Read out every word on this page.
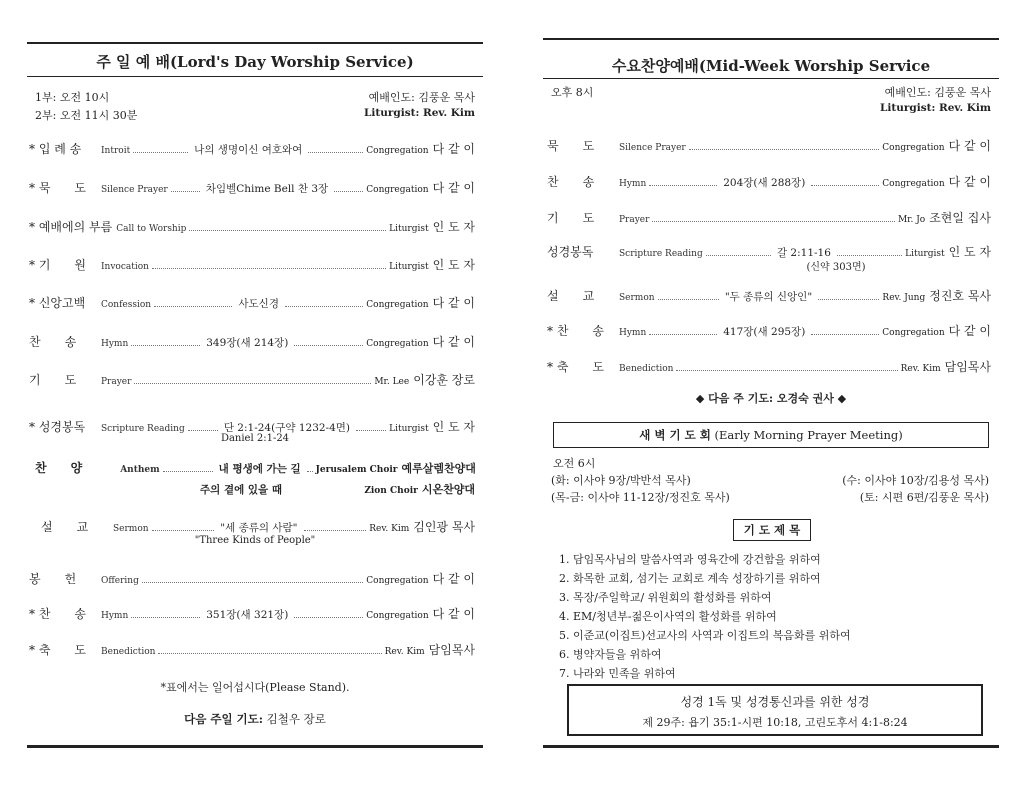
주 일 예 배(Lord's Day Worship Service)
1부: 오전 10시
2부: 오전 11시 30분
예배인도: 김풍운 목사
Liturgist: Rev. Kim
* 입 례 송	Introit	나의 생명이신 여호와여	Congregation 다 같 이
* 묵　　도	Silence Prayer	차임벨Chime Bell 찬 3장	Congregation 다 같 이
* 예배에의 부름 Call to Worship	Liturgist 인 도 자
* 기　　원	Invocation	Liturgist 인 도 자
* 신앙고백	Confession	사도신경	Congregation 다 같 이
찬　　송	Hymn	349장(새 214장)	Congregation 다 같 이
기　　도	Prayer	Mr. Lee 이강훈 장로
* 성경봉독	Scripture Reading	단 2:1-24(구약 1232-4면)	Liturgist 인 도 자
Daniel 2:1-24
찬　　양	Anthem	내 평생에 가는 길 Jerusalem Choir 예루살렘찬양대
주의 곁에 있을 때	Zion Choir 시온찬양대
설　　교	Sermon	"세 종류의 사람"	Rev. Kim 김인광 목사
"Three Kinds of People"
봉　　헌	Offering	Congregation 다 같 이
* 찬　　송	Hymn	351장(새 321장)	Congregation 다 같 이
* 축　　도	Benediction	Rev. Kim 담임목사
*표에서는 일어섭시다(Please Stand).
다음 주일 기도: 김철우 장로
수요찬양예배(Mid-Week Worship Service
오후 8시	예배인도: 김풍운 목사
Liturgist: Rev. Kim
묵　　도	Silence Prayer	Congregation 다 같 이
찬　　송	Hymn	204장(새 288장)	Congregation 다 같 이
기　　도	Prayer	Mr. Jo 조현일 집사
성경봉독	Scripture Reading	갈 2:11-16	Liturgist 인 도 자
(신약 303면)
설　　교	Sermon	"두 종류의 신앙인"	Rev. Jung 정진호 목사
* 찬　　송	Hymn	417장(새 295장)	Congregation 다 같 이
* 축　　도	Benediction	Rev. Kim 담임목사
◆ 다음 주 기도: 오경숙 권사 ◆
새 벽 기 도 회 (Early Morning Prayer Meeting)
오전 6시
(화: 이사야 9장/박반석 목사)	(수: 이사야 10장/김용성 목사)
(목-금: 이사야 11-12장/정진호 목사)	(토: 시편 6편/김풍운 목사)
기 도 제 목
1. 담임목사님의 말씀사역과 영육간에 강건함을 위하여
2. 화목한 교회, 섬기는 교회로 계속 성장하기를 위하여
3. 목장/주일학교/ 위원회의 활성화를 위하여
4. EM/청년부-젊은이사역의 활성화를 위하여
5. 이준교(이집트)선교사의 사역과 이집트의 복음화를 위하여
6. 병약자들을 위하여
7. 나라와 민족을 위하여
성경 1독 및 성경통신과를 위한 성경
제 29주: 욥기 35:1-시편 10:18, 고린도후서 4:1-8:24
